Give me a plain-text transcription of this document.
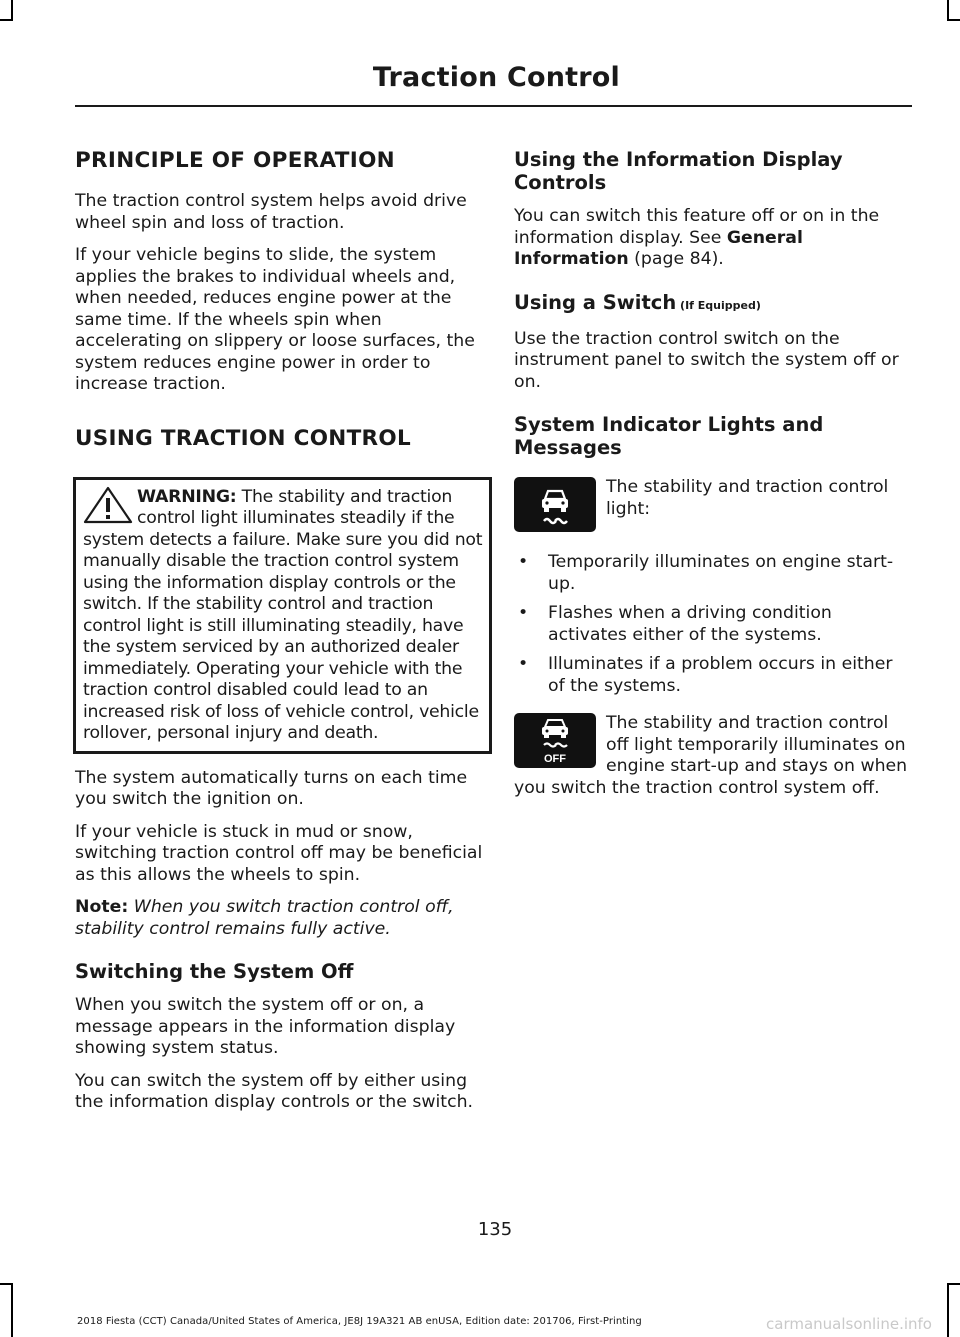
Traction Control
PRINCIPLE OF OPERATION

The traction control system helps avoid drive wheel spin and loss of traction.

If your vehicle begins to slide, the system applies the brakes to individual wheels and, when needed, reduces engine power at the same time. If the wheels spin when accelerating on slippery or loose surfaces, the system reduces engine power in order to increase traction.

USING TRACTION CONTROL

WARNING: The stability and traction control light illuminates steadily if the system detects a failure. Make sure you did not manually disable the traction control system using the information display controls or the switch. If the stability control and traction control light is still illuminating steadily, have the system serviced by an authorized dealer immediately. Operating your vehicle with the traction control disabled could lead to an increased risk of loss of vehicle control, vehicle rollover, personal injury and death.

The system automatically turns on each time you switch the ignition on.

If your vehicle is stuck in mud or snow, switching traction control off may be beneficial as this allows the wheels to spin.

Note: When you switch traction control off, stability control remains fully active.

Switching the System Off

When you switch the system off or on, a message appears in the information display showing system status.

You can switch the system off by either using the information display controls or the switch.

Using the Information Display Controls

You can switch this feature off or on in the information display. See General Information (page 84).

Using a Switch (If Equipped)

Use the traction control switch on the instrument panel to switch the system off or on.

System Indicator Lights and Messages

The stability and traction control light:

• Temporarily illuminates on engine start-up.
• Flashes when a driving condition activates either of the systems.
• Illuminates if a problem occurs in either of the systems.
OFF

The stability and traction control off light temporarily illuminates on engine start-up and stays on when you switch the traction control system off.

135
2018 Fiesta (CCT) Canada/United States of America, JE8J 19A321 AB enUSA, Edition date: 201706, First-Printing	carmanualsonline.info
